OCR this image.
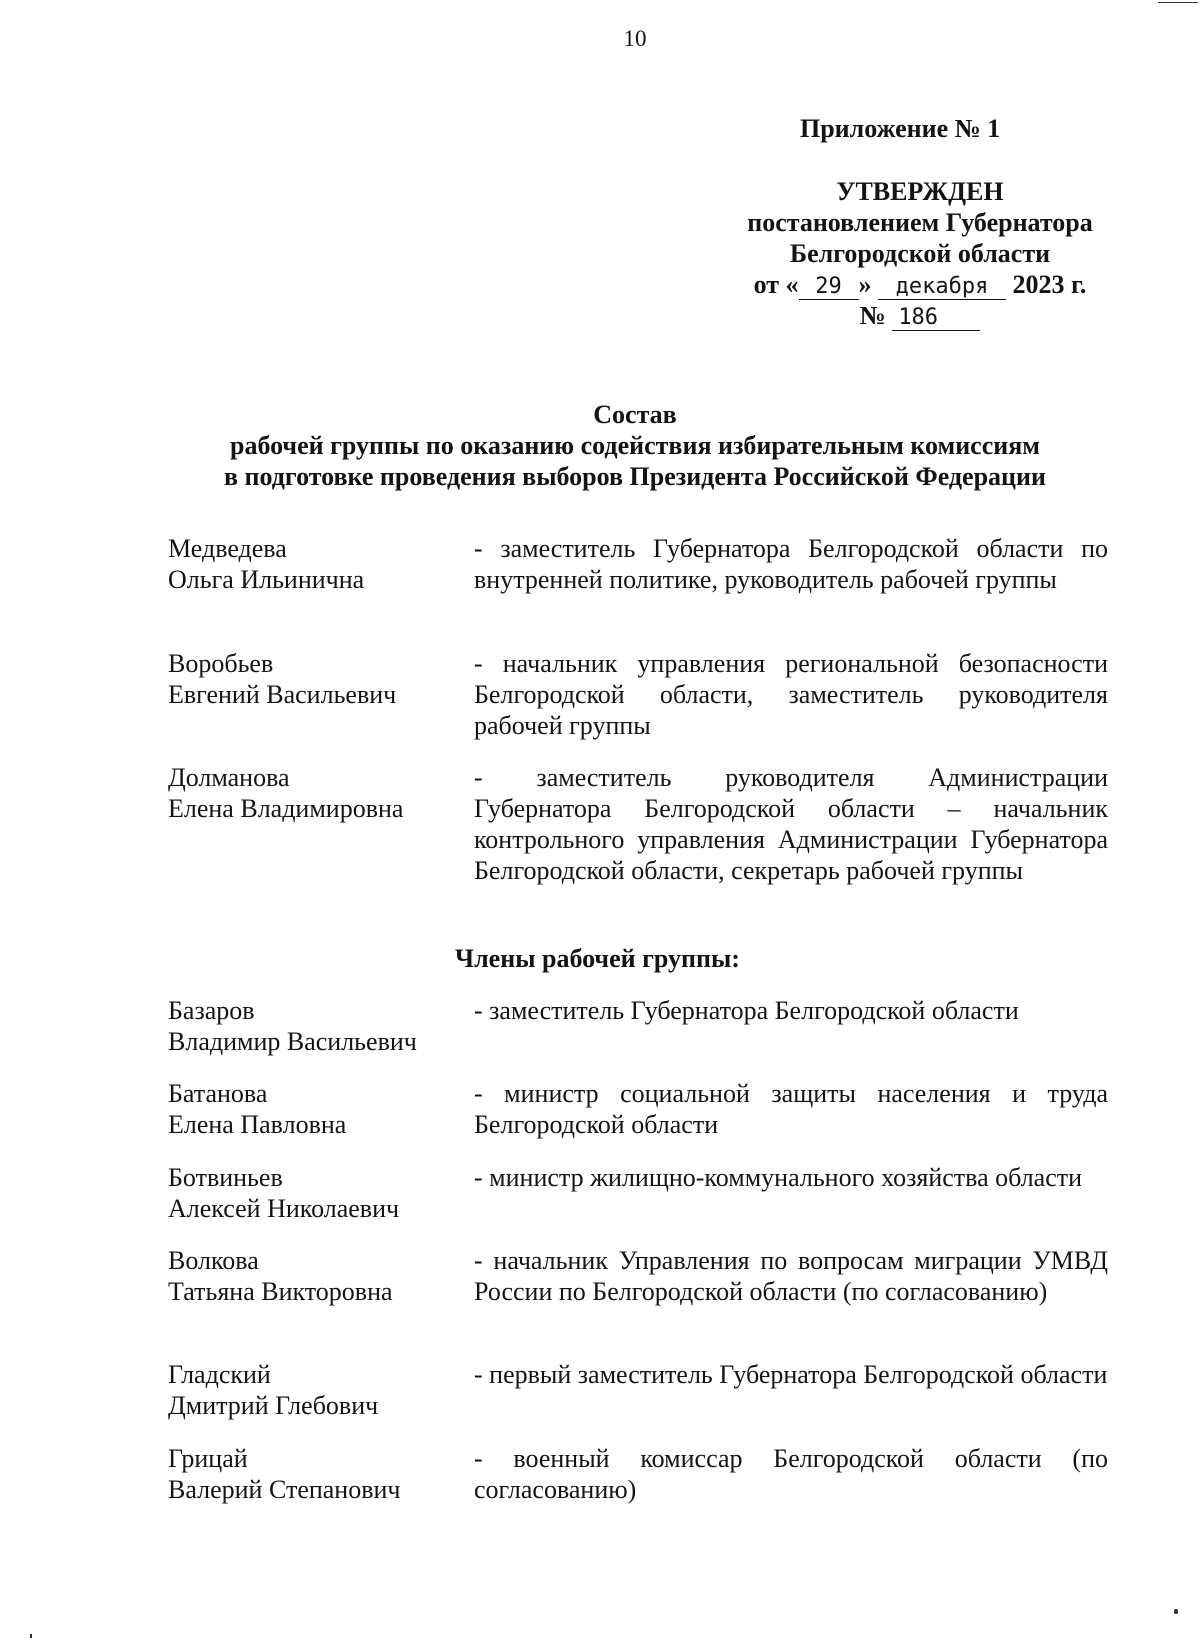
10
Приложение № 1
УТВЕРЖДЕН
постановлением Губернатора
Белгородской области
от « 29 » декабря 2023 г.
№ 186
Состав
рабочей группы по оказанию содействия избирательным комиссиям
в подготовке проведения выборов Президента Российской Федерации
Медведева
Ольга Ильинична
- заместитель Губернатора Белгородской области по внутренней политике, руководитель рабочей группы
Воробьев
Евгений Васильевич
- начальник управления региональной безопасности Белгородской области, заместитель руководителя рабочей группы
Долманова
Елена Владимировна
- заместитель руководителя Администрации Губернатора Белгородской области – начальник контрольного управления Администрации Губернатора Белгородской области, секретарь рабочей группы
Члены рабочей группы:
Базаров
Владимир Васильевич
- заместитель Губернатора Белгородской области
Батанова
Елена Павловна
- министр социальной защиты населения и труда Белгородской области
Ботвиньев
Алексей Николаевич
- министр жилищно-коммунального хозяйства области
Волкова
Татьяна Викторовна
- начальник Управления по вопросам миграции УМВД России по Белгородской области (по согласованию)
Гладский
Дмитрий Глебович
- первый заместитель Губернатора Белгородской области
Грицай
Валерий Степанович
- военный комиссар Белгородской области (по согласованию)
